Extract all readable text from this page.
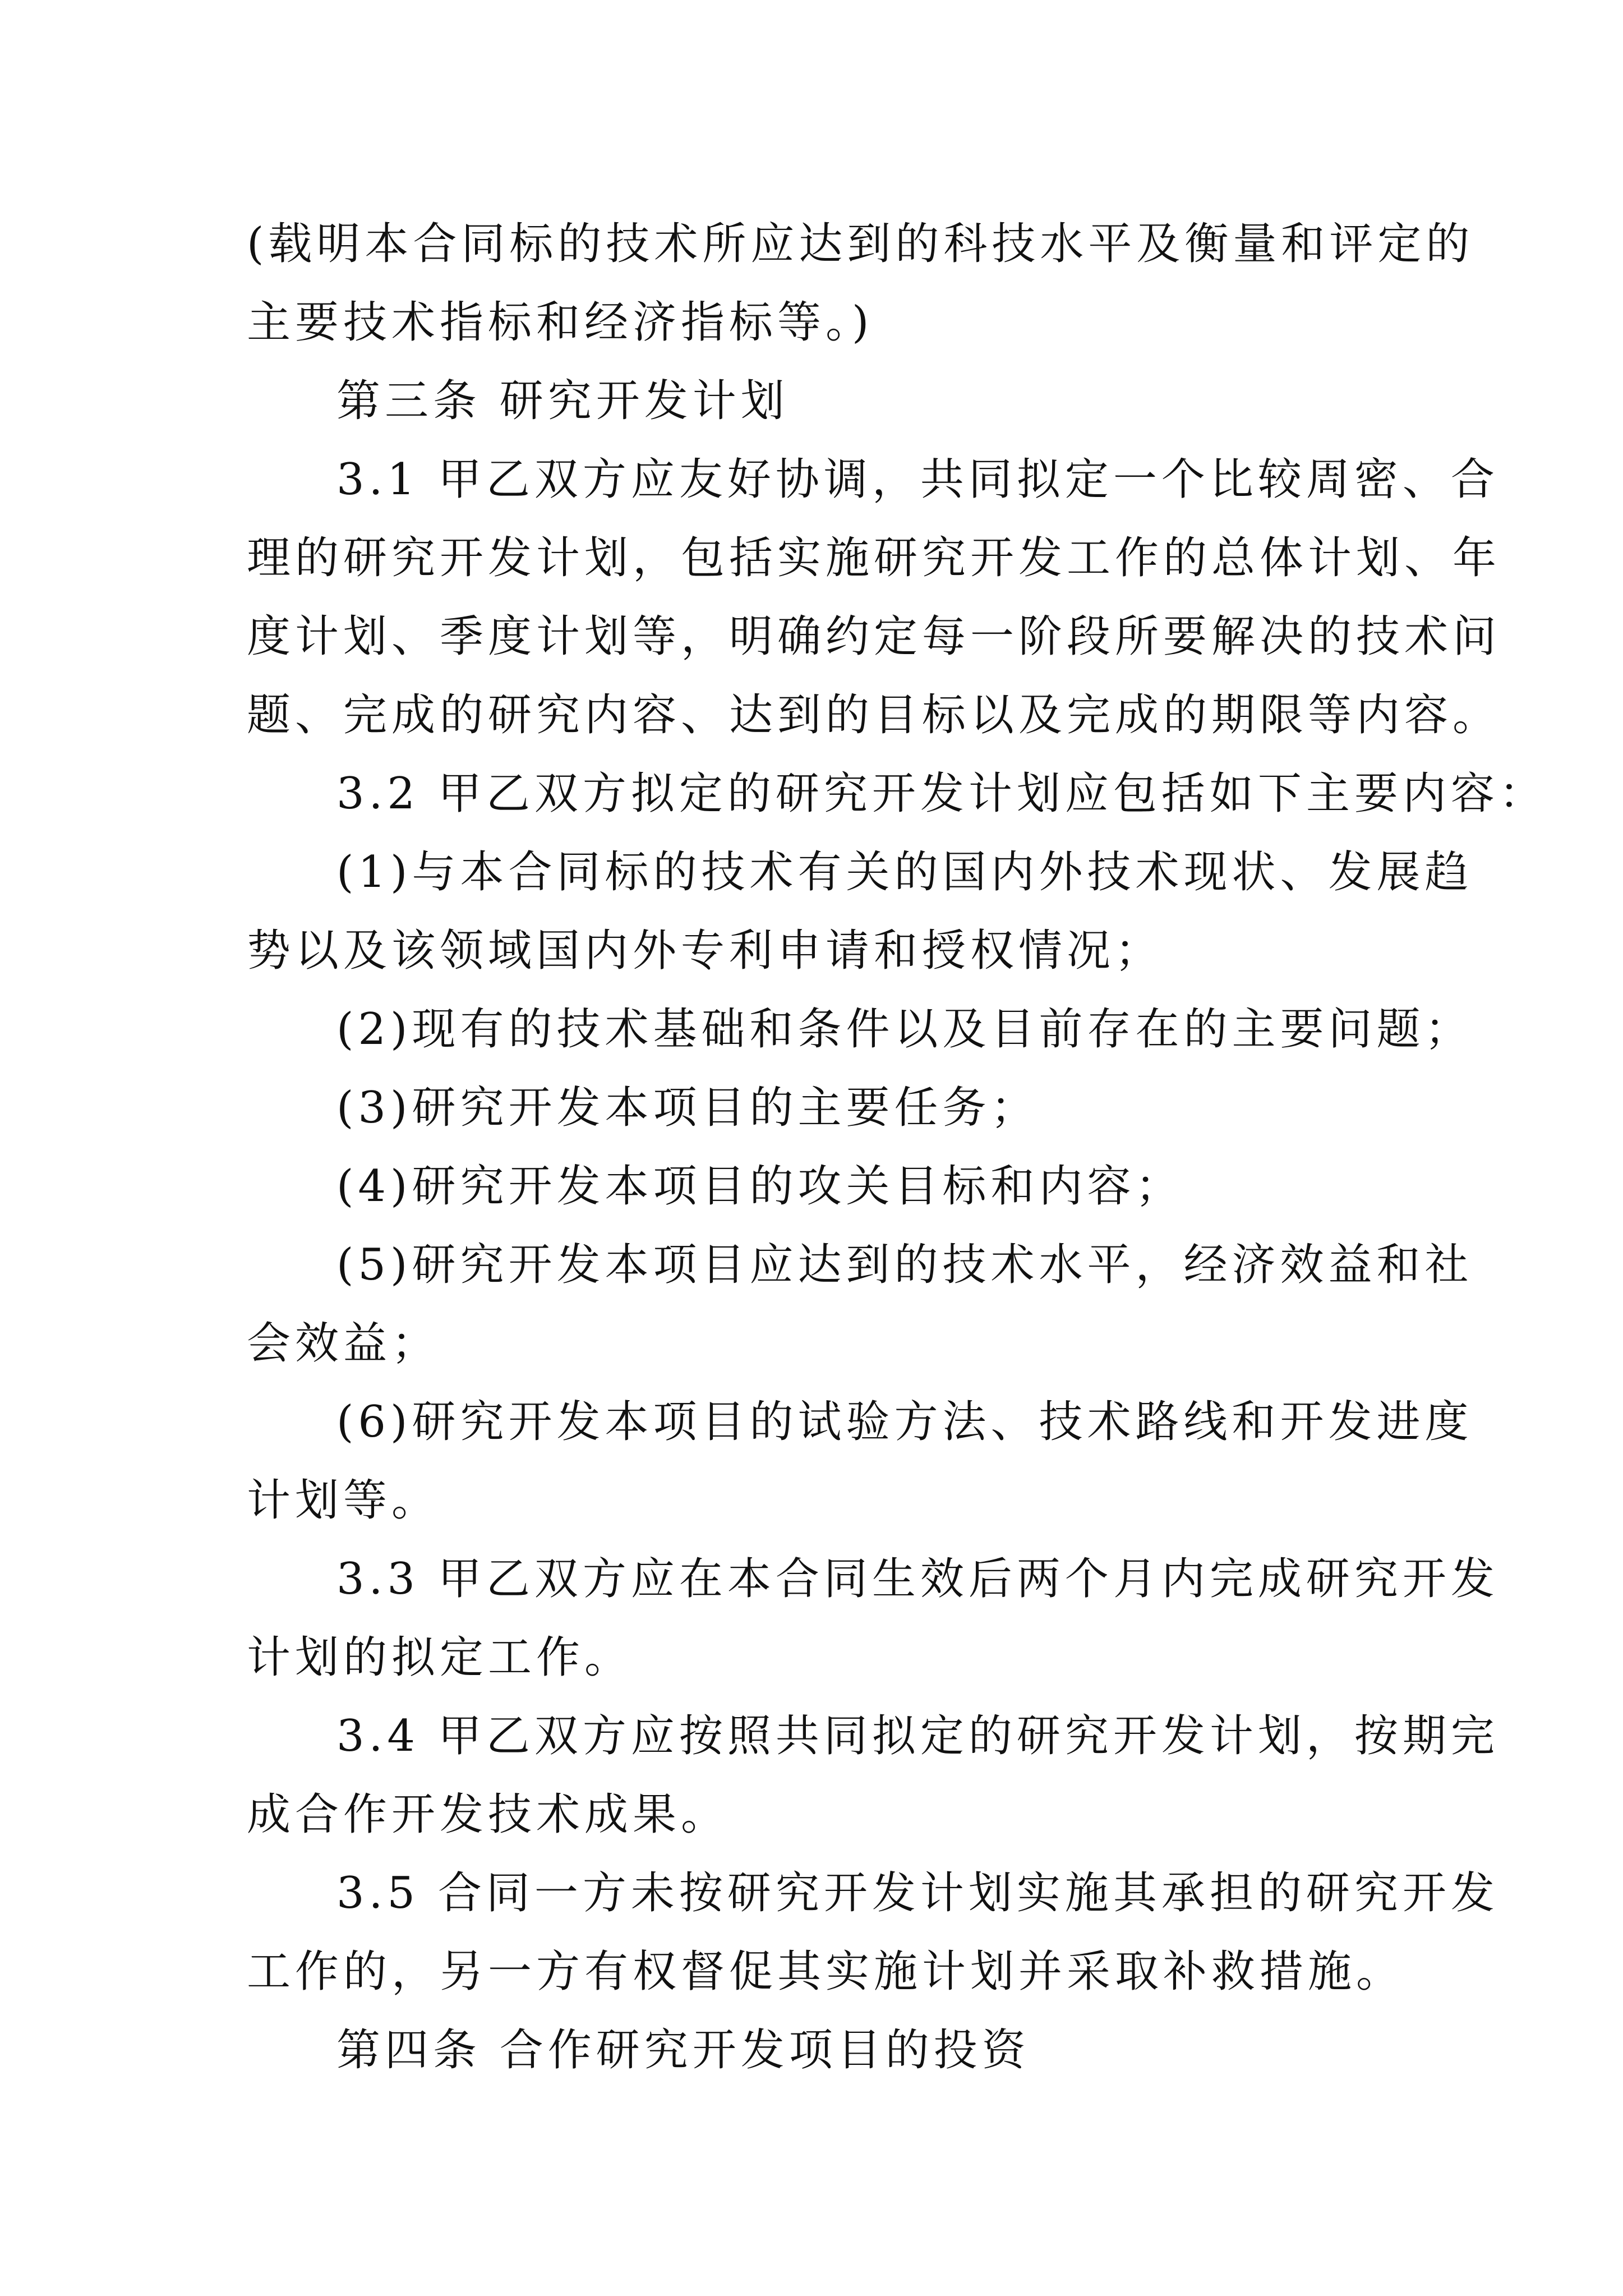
(载明本合同标的技术所应达到的科技水平及衡量和评定的
主要技术指标和经济指标等。)
第三条 研究开发计划
3.1 甲乙双方应友好协调，共同拟定一个比较周密、合
理的研究开发计划，包括实施研究开发工作的总体计划、年
度计划、季度计划等，明确约定每一阶段所要解决的技术问
题、完成的研究内容、达到的目标以及完成的期限等内容。
3.2 甲乙双方拟定的研究开发计划应包括如下主要内容：
(1)与本合同标的技术有关的国内外技术现状、发展趋
势以及该领域国内外专利申请和授权情况；
(2)现有的技术基础和条件以及目前存在的主要问题；
(3)研究开发本项目的主要任务；
(4)研究开发本项目的攻关目标和内容；
(5)研究开发本项目应达到的技术水平，经济效益和社
会效益；
(6)研究开发本项目的试验方法、技术路线和开发进度
计划等。
3.3 甲乙双方应在本合同生效后两个月内完成研究开发
计划的拟定工作。
3.4 甲乙双方应按照共同拟定的研究开发计划，按期完
成合作开发技术成果。
3.5 合同一方未按研究开发计划实施其承担的研究开发
工作的，另一方有权督促其实施计划并采取补救措施。
第四条 合作研究开发项目的投资
